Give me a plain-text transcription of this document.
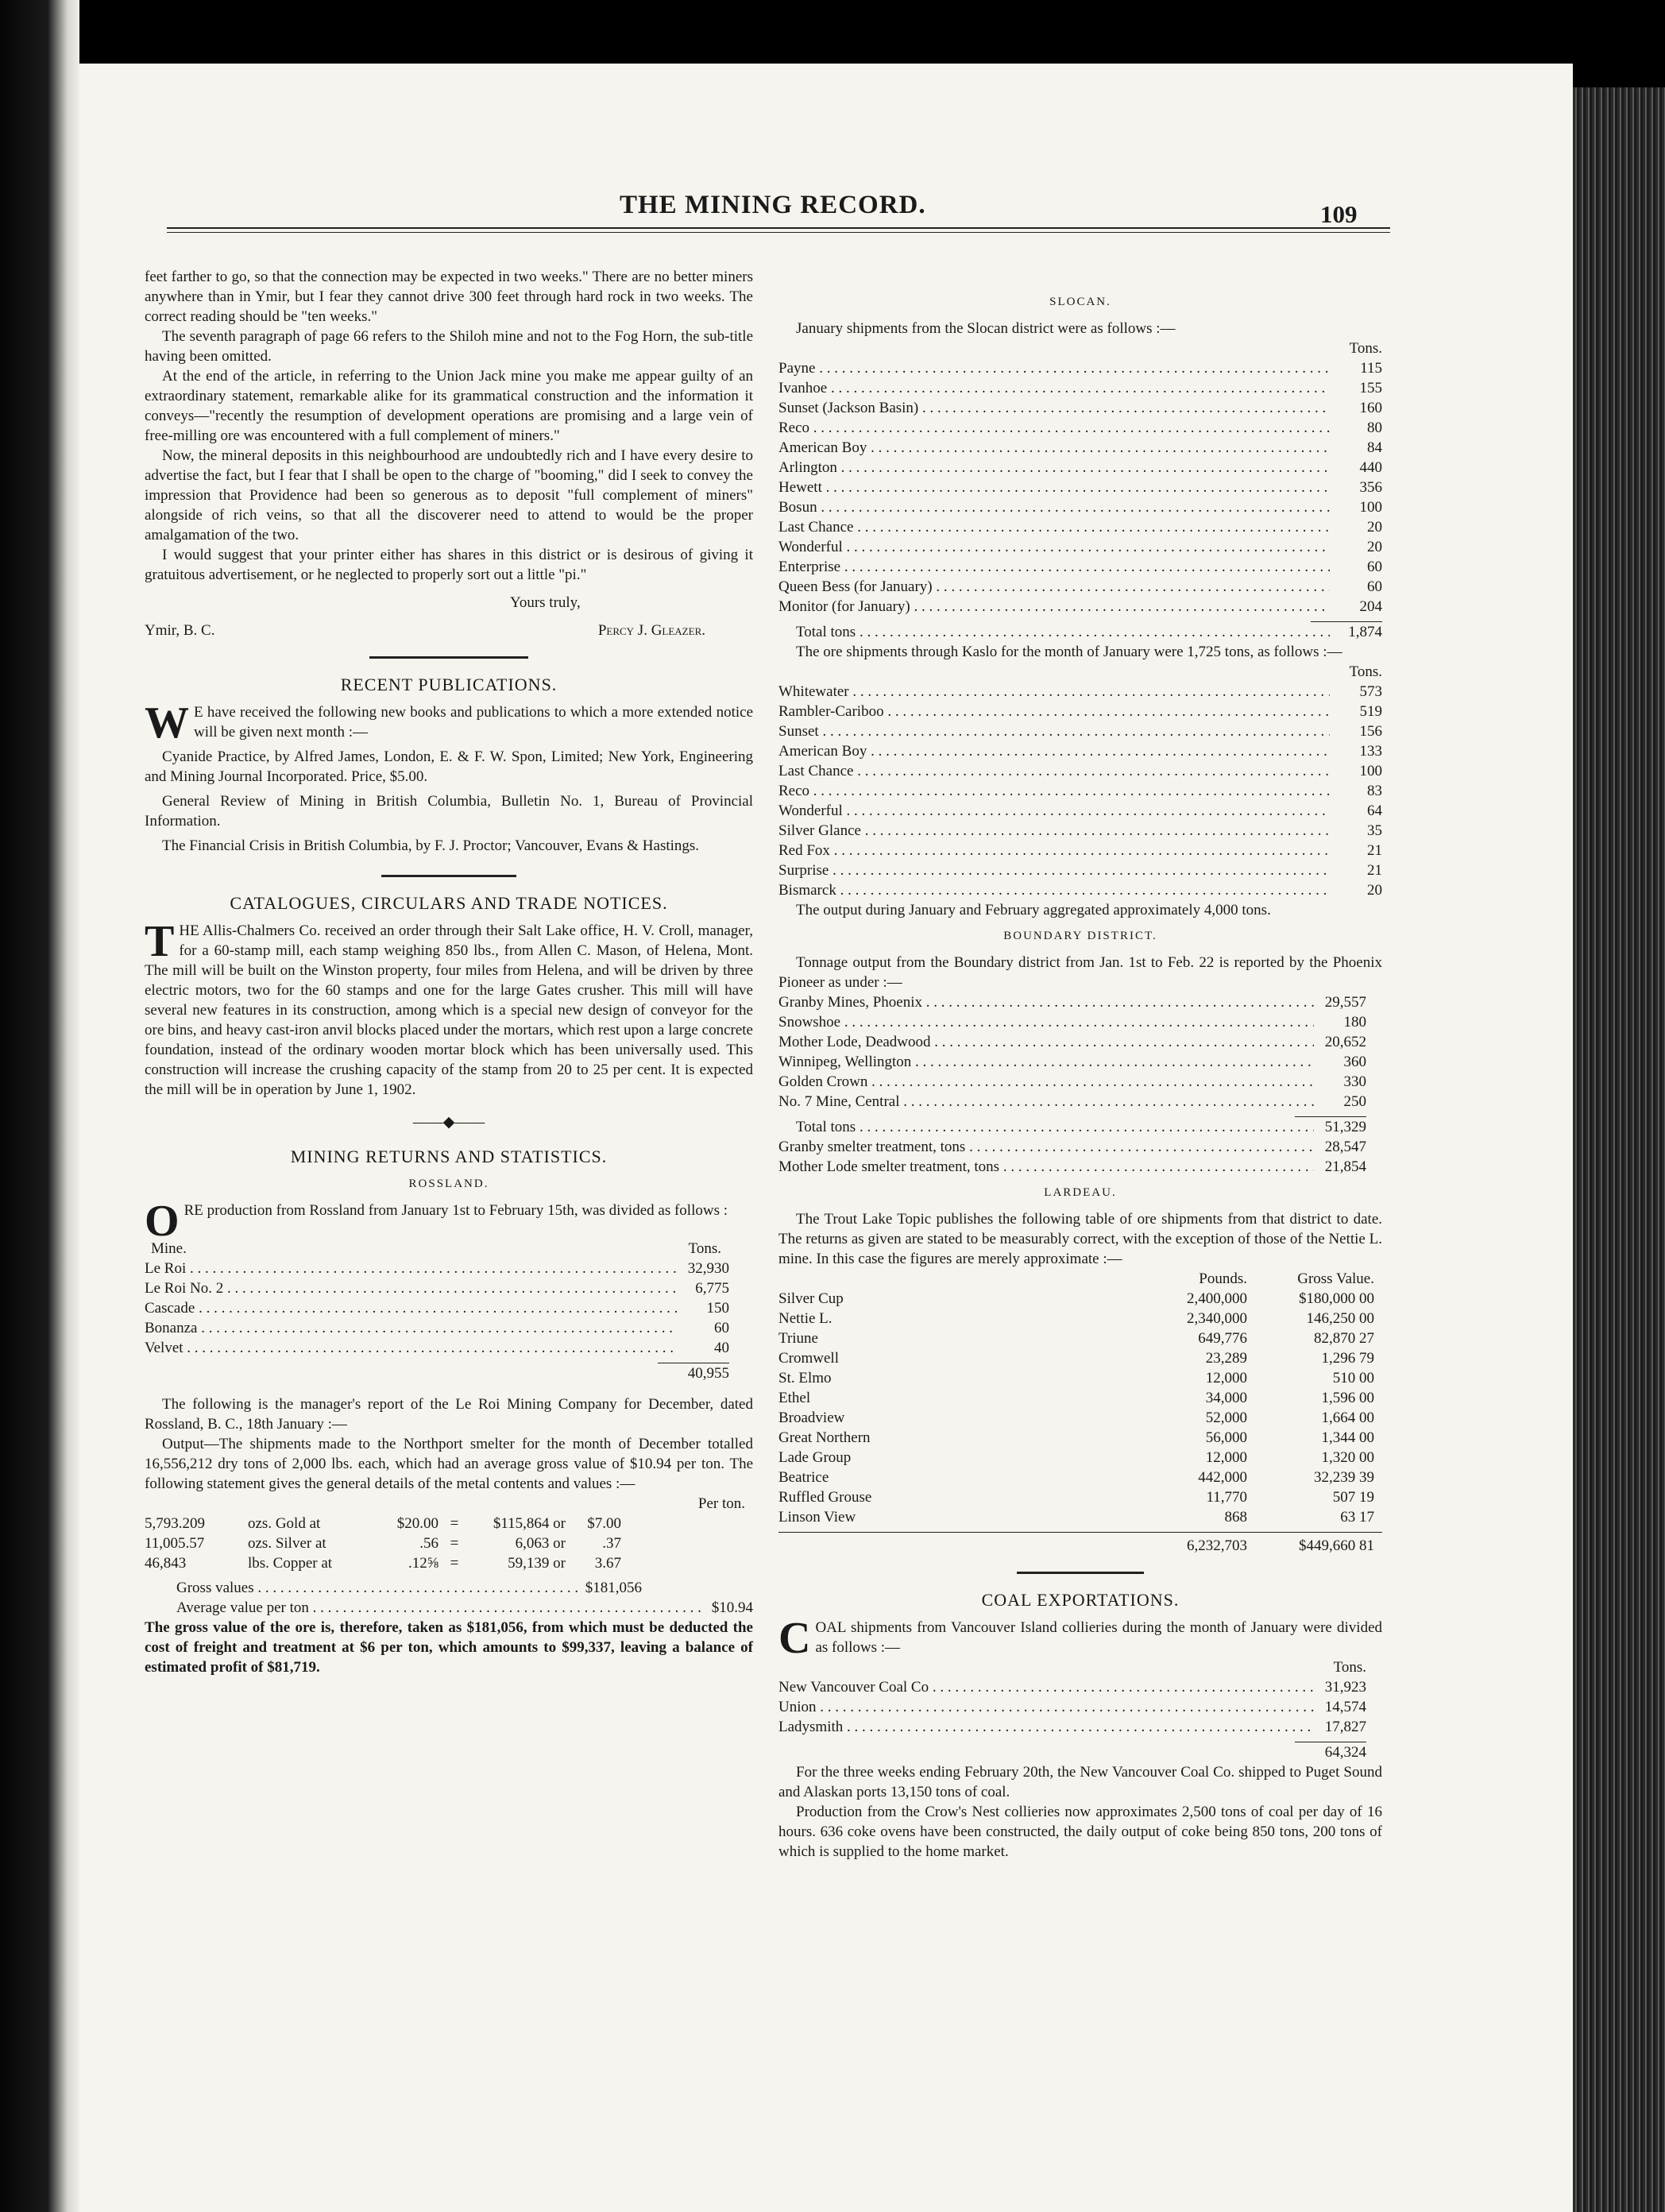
THE MINING RECORD.	109

feet farther to go, so that the connection may be expected in two weeks." There are no better miners anywhere than in Ymir, but I fear they cannot drive 300 feet through hard rock in two weeks. The correct reading should be "ten weeks."

The seventh paragraph of page 66 refers to the Shiloh mine and not to the Fog Horn, the sub-title having been omitted.

At the end of the article, in referring to the Union Jack mine you make me appear guilty of an extraordinary statement, remarkable alike for its grammatical construction and the information it conveys—"recently the resumption of development operations are promising and a large vein of free-milling ore was encountered with a full complement of miners."

Now, the mineral deposits in this neighbourhood are undoubtedly rich and I have every desire to advertise the fact, but I fear that I shall be open to the charge of "booming," did I seek to convey the impression that Providence had been so generous as to deposit "full complement of miners" alongside of rich veins, so that all the discoverer need to attend to would be the proper amalgamation of the two.

I would suggest that your printer either has shares in this district or is desirous of giving it gratuitous advertisement, or he neglected to properly sort out a little "pi."

Yours truly,
Ymir, B. C.	Percy J. Gleazer.
RECENT PUBLICATIONS.

W E have received the following new books and publications to which a more extended notice will be given next month :—

Cyanide Practice, by Alfred James, London, E. & F. W. Spon, Limited; New York, Engineering and Mining Journal Incorporated. Price, $5.00.

General Review of Mining in British Columbia, Bulletin No. 1, Bureau of Provincial Information.

The Financial Crisis in British Columbia, by F. J. Proctor; Vancouver, Evans & Hastings.

CATALOGUES, CIRCULARS AND TRADE NOTICES.

THE Allis-Chalmers Co. received an order through their Salt Lake office, H. V. Croll, manager, for a 60-stamp mill, each stamp weighing 850 lbs., from Allen C. Mason, of Helena, Mont. The mill will be built on the Winston property, four miles from Helena, and will be driven by three electric motors, two for the 60 stamps and one for the large Gates crusher. This mill will have several new features in its construction, among which is a special new design of conveyor for the ore bins, and heavy cast-iron anvil blocks placed under the mortars, which rest upon a large concrete foundation, instead of the ordinary wooden mortar block which has been universally used. This construction will increase the crushing capacity of the stamp from 20 to 25 per cent. It is expected the mill will be in operation by June 1, 1902.

——◆——
MINING RETURNS AND STATISTICS.
ROSSLAND.

ORE production from Rossland from January 1st to February 15th, was divided as follows :

Mine.	Tons.
Le Roi . . .	32,930
Le Roi No. 2 . . .	6,775
Cascade . . .	150
Bonanza . . .	60
Velvet . . .	40
40,955

The following is the manager's report of the Le Roi Mining Company for December, dated Rossland, B. C., 18th January :—

Output—The shipments made to the Northport smelter for the month of December totalled 16,556,212 dry tons of 2,000 lbs. each, which had an average gross value of $10.94 per ton. The following statement gives the general details of the metal contents and values :—

Per ton.
5,793.209	ozs. Gold at	$20.00 =	$115,864 or	$7.00
11,005.57	ozs. Silver at	.56 =	6,063 or	.37
46,843	lbs. Copper at	.12⅝ =	59,139 or	3.67
Gross values . . .	$181,056
Average value per ton . . .	$10.94

The gross value of the ore is, therefore, taken as $181,056, from which must be deducted the cost of freight and treatment at $6 per ton, which amounts to $99,337, leaving a balance of estimated profit of $81,719.

SLOCAN.

January shipments from the Slocan district were as follows :—

Tons.
Payne . . .	115
Ivanhoe . . .	155
Sunset (Jackson Basin) . . .	160
Reco . . .	80
American Boy . . .	84
Arlington . . .	440
Hewett . . .	356
Bosun . . .	100
Last Chance . . .	20
Wonderful . . .	20
Enterprise . . .	60
Queen Bess (for January) . . .	60
Monitor (for January) . . .	204
Total tons . . .	1,874

The ore shipments through Kaslo for the month of January were 1,725 tons, as follows :—

Tons.
Whitewater . . .	573
Rambler-Cariboo . . .	519
Sunset . . .	156
American Boy . . .	133
Last Chance . . .	100
Reco . . .	83
Wonderful . . .	64
Silver Glance . . .	35
Red Fox . . .	21
Surprise . . .	21
Bismarck . . .	20

The output during January and February aggregated approximately 4,000 tons.

BOUNDARY DISTRICT.

Tonnage output from the Boundary district from Jan. 1st to Feb. 22 is reported by the Phoenix Pioneer as under :—

Granby Mines, Phoenix . . .	29,557
Snowshoe . . .	180
Mother Lode, Deadwood . . .	20,652
Winnipeg, Wellington . . .	360
Golden Crown . . .	330
No. 7 Mine, Central . . .	250
Total tons . . .	51,329
Granby smelter treatment, tons . . .	28,547
Mother Lode smelter treatment, tons . . .	21,854
LARDEAU.

The Trout Lake Topic publishes the following table of ore shipments from that district to date. The returns as given are stated to be measurably correct, with the exception of those of the Nettie L. mine. In this case the figures are merely approximate :—

Pounds.	Gross Value.
Silver Cup	2,400,000	$180,000 00
Nettie L.	2,340,000	146,250 00
Triune	649,776	82,870 27
Cromwell	23,289	1,296 79
St. Elmo	12,000	510 00
Ethel	34,000	1,596 00
Broadview	52,000	1,664 00
Great Northern	56,000	1,344 00
Lade Group	12,000	1,320 00
Beatrice	442,000	32,239 39
Ruffled Grouse	11,770	507 19
Linson View	868	63 17
6,232,703	$449,660 81
COAL EXPORTATIONS.

COAL shipments from Vancouver Island collieries during the month of January were divided as follows :—

Tons.
New Vancouver Coal Co . . .	31,923
Union . . .	14,574
Ladysmith . . .	17,827
64,324

For the three weeks ending February 20th, the New Vancouver Coal Co. shipped to Puget Sound and Alaskan ports 13,150 tons of coal.

Production from the Crow's Nest collieries now approximates 2,500 tons of coal per day of 16 hours. 636 coke ovens have been constructed, the daily output of coke being 850 tons, 200 tons of which is supplied to the home market.
